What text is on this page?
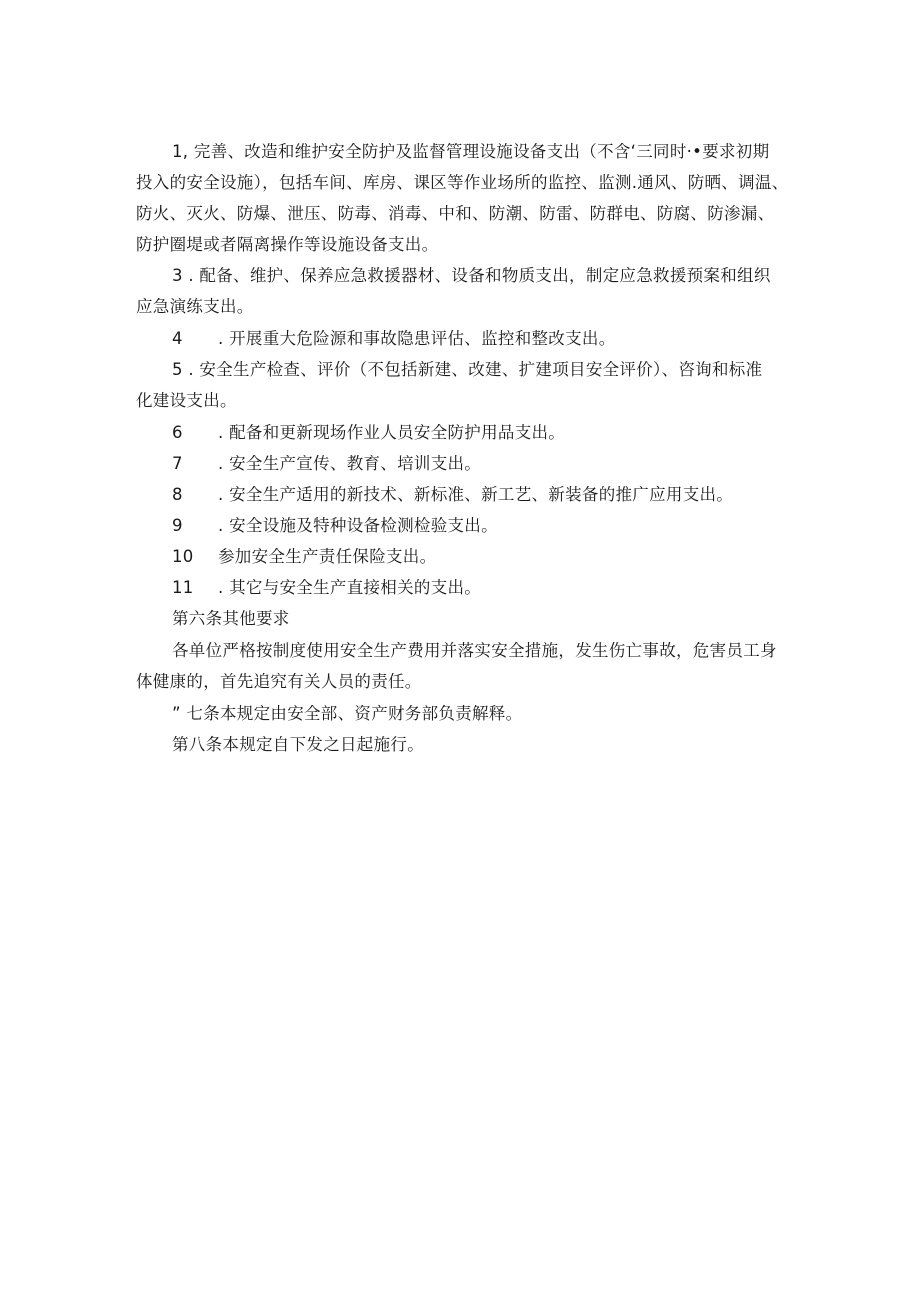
1, 完善、改造和维护安全防护及监督管理设施设备支出（不含‘三同时·•要求初期
投入的安全设施），包括车间、库房、课区等作业场所的监控、监测.通风、防晒、调温、
防火、灭火、防爆、泄压、防毒、消毒、中和、防潮、防雷、防群电、防腐、防渗漏、
防护圈堤或者隔离操作等设施设备支出。
3 . 配备、维护、保养应急救援器材、设备和物质支出，制定应急救援预案和组织
应急演练支出。
4 . 开展重大危险源和事故隐患评估、监控和整改支出。
5 . 安全生产检查、评价（不包括新建、改建、扩建项目安全评价）、咨询和标准
化建设支出。
6 . 配备和更新现场作业人员安全防护用品支出。
7 . 安全生产宣传、教育、培训支出。
8 . 安全生产适用的新技术、新标准、新工艺、新装备的推广应用支出。
9 . 安全设施及特种设备检测检验支出。
10 参加安全生产责任保险支出。
11 . 其它与安全生产直接相关的支出。
第六条其他要求
各单位严格按制度使用安全生产费用并落实安全措施，发生伤亡事故，危害员工身
体健康的，首先追究有关人员的责任。
” 七条本规定由安全部、资产财务部负责解释。
第八条本规定自下发之日起施行。
